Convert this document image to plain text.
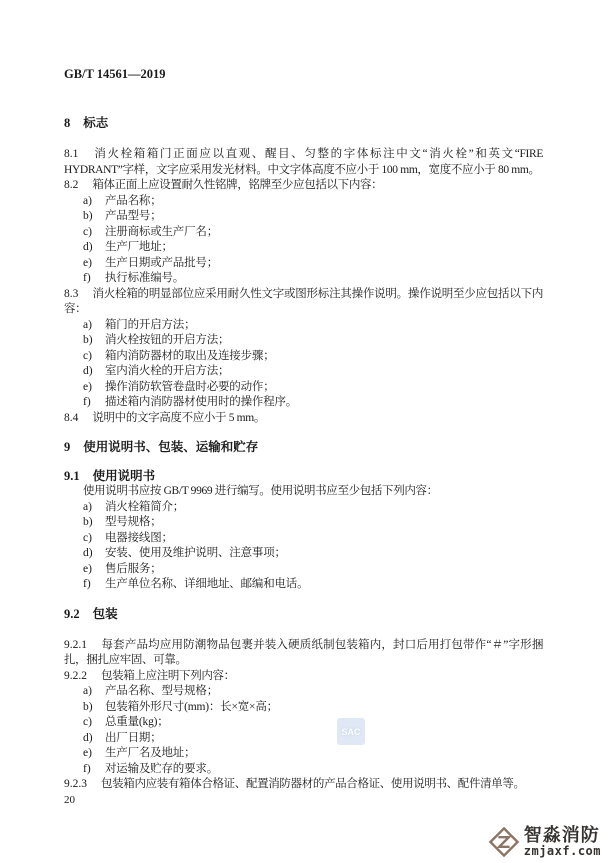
GB/T 14561—2019

8 标志

8.1 消火栓箱箱门正面应以直观、醒目、匀整的字体标注中文“消火栓”和英文“FIRE HYDRANT”字样，文字应采用发光材料。中文字体高度不应小于 100 mm，宽度不应小于 80 mm。

8.2 箱体正面上应设置耐久性铭牌，铭牌至少应包括以下内容：

a)	产品名称；

b)	产品型号；

c)	注册商标或生产厂名；

d)	生产厂地址；

e)	生产日期或产品批号；

f)	执行标准编号。

8.3 消火栓箱的明显部位应采用耐久性文字或图形标注其操作说明。操作说明至少应包括以下内容：

a)	箱门的开启方法；

b)	消火栓按钮的开启方法；

c)	箱内消防器材的取出及连接步骤；

d)	室内消火栓的开启方法；

e)	操作消防软管卷盘时必要的动作；

f)	描述箱内消防器材使用时的操作程序。

8.4 说明中的文字高度不应小于 5 mm。

9 使用说明书、包装、运输和贮存

9.1 使用说明书

使用说明书应按 GB/T 9969 进行编写。使用说明书应至少包括下列内容：

a)	消火栓箱简介；

b)	型号规格；

c)	电器接线图；

d)	安装、使用及维护说明、注意事项；

e)	售后服务；

f)	生产单位名称、详细地址、邮编和电话。

9.2 包装

9.2.1 每套产品均应用防潮物品包裹并装入硬质纸制包装箱内，封口后用打包带作“＃”字形捆扎，捆扎应牢固、可靠。

9.2.2 包装箱上应注明下列内容：

a)	产品名称、型号规格；

b)	包装箱外形尺寸(mm)：长×宽×高；

c)	总重量(kg)；

d)	出厂日期；

e)	生产厂名及地址；

f)	对运输及贮存的要求。

9.2.3 包装箱内应装有箱体合格证、配置消防器材的产品合格证、使用说明书、配件清单等。

20

SAC
智淼消防
zmjaxf.com
